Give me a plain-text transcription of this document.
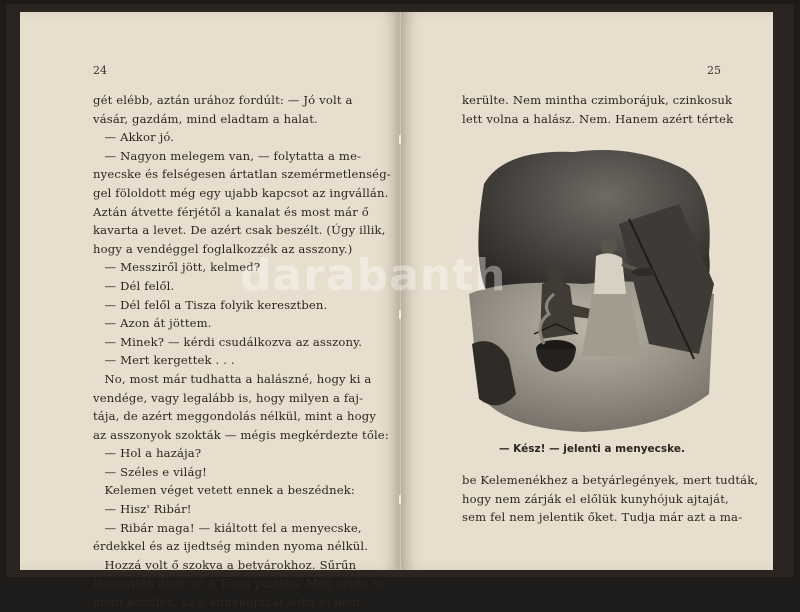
24
gét elébb, aztán urához fordúlt: — Jó volt a
vásár, gazdám, mind eladtam a halat.
— Akkor jó.
— Nagyon melegem van, — folytatta a me-
nyecske és felségesen ártatlan szemérmetlenség-
gel föloldott még egy ujabb kapcsot az ingvállán.
Aztán átvette férjétől a kanalat és most már ő
kavarta a levet. De azért csak beszélt. (Úgy illik,
hogy a vendéggel foglalkozzék az asszony.)
— Messziről jött, kelmed?
— Dél felől.
— Dél felől a Tisza folyik keresztben.
— Azon át jöttem.
— Minek? — kérdi csudálkozva az asszony.
— Mert kergettek . . .
No, most már tudhatta a halászné, hogy ki a
vendége, vagy legalább is, hogy milyen a faj-
tája, de azért meggondolás nélkül, mint a hogy
az asszonyok szokták — mégis megkérdezte tőle:
— Hol a hazája?
— Széles e világ!
Kelemen véget vetett ennek a beszédnek:
— Hisz' Ribár!
— Ribár maga! — kiáltott fel a menyecske,
érdekkel és az ijedtség minden nyoma nélkül.
Hozzá volt ő szokva a betyárokhoz. Sűrűn
látogatták őket ott a Tisza partján. Még senki se
ment közülök, az ő kunyhójukat soha el nem
25
kerülte. Nem mintha czimborájuk, czinkosuk
lett volna a halász. Nem. Hanem azért tértek
— Kész! — jelenti a menyecske.
be Kelemenékhez a betyárlegények, mert tudták,
hogy nem zárják el előlük kunyhójuk ajtaját,
sem fel nem jelentik őket. Tudja már azt a ma-
darabanth
